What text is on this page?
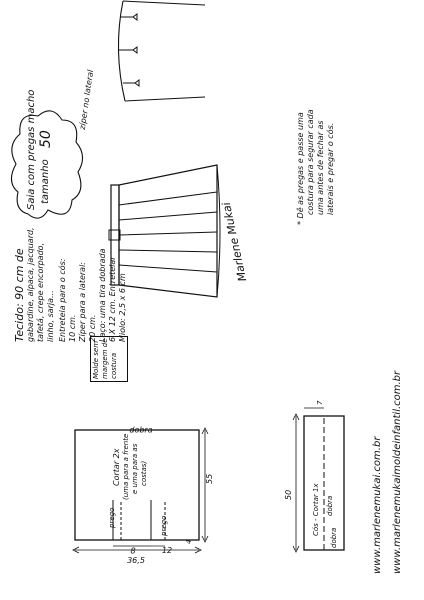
Marlene Mukai
zíper no lateral
* Dê as pregas e passe uma costura para segurar cada uma antes de fechar as laterais e pregar o cós.
Saia com pregas macho tamanho
50
Tecido: 90 cm de gabardine, alpaca, jacquard, tafetá, crepe encorpado, linho, sarja... Entretela para o cós: 10 cm. Zíper para a lateral: 20 cm. Laço: uma tira dobrada 6 X 12 cm. Entretelar Miolo: 2,5 x 6 cm
36,5
55
8	12
4
prego	prego
dobra
Cortar 2x (uma para a frente e uma para as costas)
Molde sem margem de costura
50
7
Cós - Cortar 1x dobra
dobra	www.marlenemukai.com.br www.marlenemukaimoldeinfantil.com.br
